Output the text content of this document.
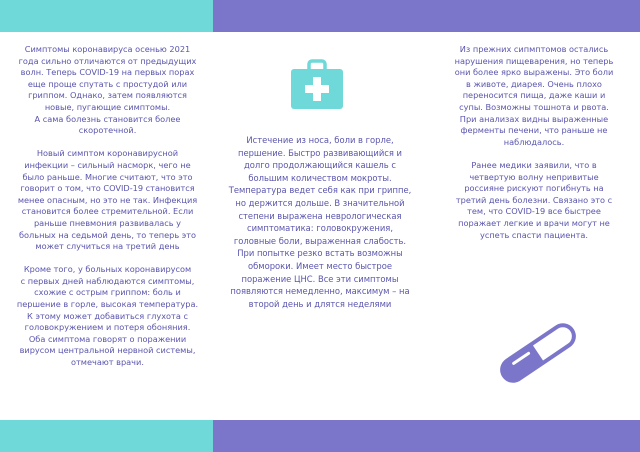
Симптомы коронавируса осенью 2021
года сильно отличаются от предыдущих
волн. Теперь COVID-19 на первых порах
еще проще спутать с простудой или
гриппом. Однако, затем появляются
новые, пугающие симптомы.
А сама болезнь становится более
скоротечной.

Новый симптом коронавирусной
инфекции – сильный насморк, чего не
было раньше. Многие считают, что это
говорит о том, что COVID-19 становится
менее опасным, но это не так. Инфекция
становится более стремительной. Если
раньше пневмония развивалась у
больных на седьмой день, то теперь это
может случиться на третий день

Кроме того, у больных коронавирусом
с первых дней наблюдаются симптомы,
схожие с острым гриппом: боль и
першение в горле, высокая температура.
К этому может добавиться глухота с
головокружением и потеря обоняния.
Оба симптома говорят о поражении
вирусом центральной нервной системы,
отмечают врачи.

Истечение из носа, боли в горле,
першение. Быстро развивающийся и
долго продолжающийся кашель с
большим количеством мокроты.
Температура ведет себя как при гриппе,
но держится дольше. В значительной
степени выражена неврологическая
симптоматика: головокружения,
головные боли, выраженная слабость.
При попытке резко встать возможны
обмороки. Имеет место быстрое
поражение ЦНС. Все эти симптомы
появляются немедленно, максимум – на
второй день и длятся неделями

Из прежних сипмптомов остались
нарушения пищеварения, но теперь
они более ярко выражены. Это боли
в животе, диарея. Очень плохо
переносится пища, даже каши и
супы. Возможны тошнота и рвота.
При анализах видны выраженные
ферменты печени, что раньше не
наблюдалось.

Ранее медики заявили, что в
четвертую волну непривитые
россияне рискуют погибнуть на
третий день болезни. Связано это с
тем, что COVID-19 все быстрее
поражает легкие и врачи могут не
успеть спасти пациента.
